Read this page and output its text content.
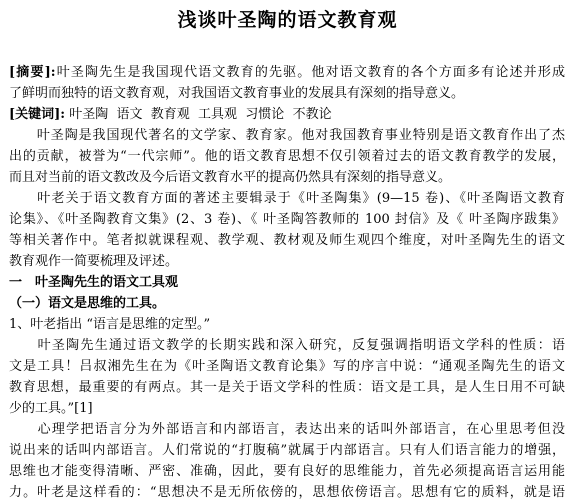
浅谈叶圣陶的语文教育观
[摘要]:叶圣陶先生是我国现代语文教育的先驱。他对语文教育的各个方面多有论述并形成
了鲜明而独特的语文教育观，对我国语文教育事业的发展具有深刻的指导意义。
[关键词]: 叶圣陶  语文  教育观  工具观  习惯论  不教论
　　叶圣陶是我国现代著名的文学家、教育家。他对我国教育事业特别是语文教育作出了杰
出的贡献，被誉为“一代宗师”。他的语文教育思想不仅引领着过去的语文教育教学的发展，
而且对当前的语文教改及今后语文教育水平的提高仍然具有深刻的指导意义。
　　叶老关于语文教育方面的著述主要辑录于《叶圣陶集》(9—15 卷)、《叶圣陶语文教育
论集》、《叶圣陶教育文集》(2、3 卷)、《 叶圣陶答教师的 100 封信》及《 叶圣陶序跋集》
等相关著作中。笔者拟就课程观、教学观、教材观及师生观四个维度，对叶圣陶先生的语文
教育观作一简要梳理及评述。
一　叶圣陶先生的语文工具观
（一）语文是思维的工具。
1、叶老指出 “语言是思维的定型。”
　　叶圣陶先生通过语文教学的长期实践和深入研究，反复强调指明语文学科的性质：语
文是工具！吕叔湘先生在为《叶圣陶语文教育论集》写的序言中说：“通观圣陶先生的语文
教育思想，最重要的有两点。其一是关于语文学科的性质：语文是工具，是人生日用不可缺
少的工具。”[1]
　　心理学把语言分为外部语言和内部语言，表达出来的话叫外部语言，在心里思考但没
说出来的话叫内部语言。人们常说的“打腹稿”就属于内部语言。只有人们语言能力的增强，
思维也才能变得清晰、严密、准确，因此，要有良好的思维能力，首先必须提高语言运用能
力。叶老是这样看的：“思想决不是无所依傍的，思想依傍语言。思想有它的质料，就是语
